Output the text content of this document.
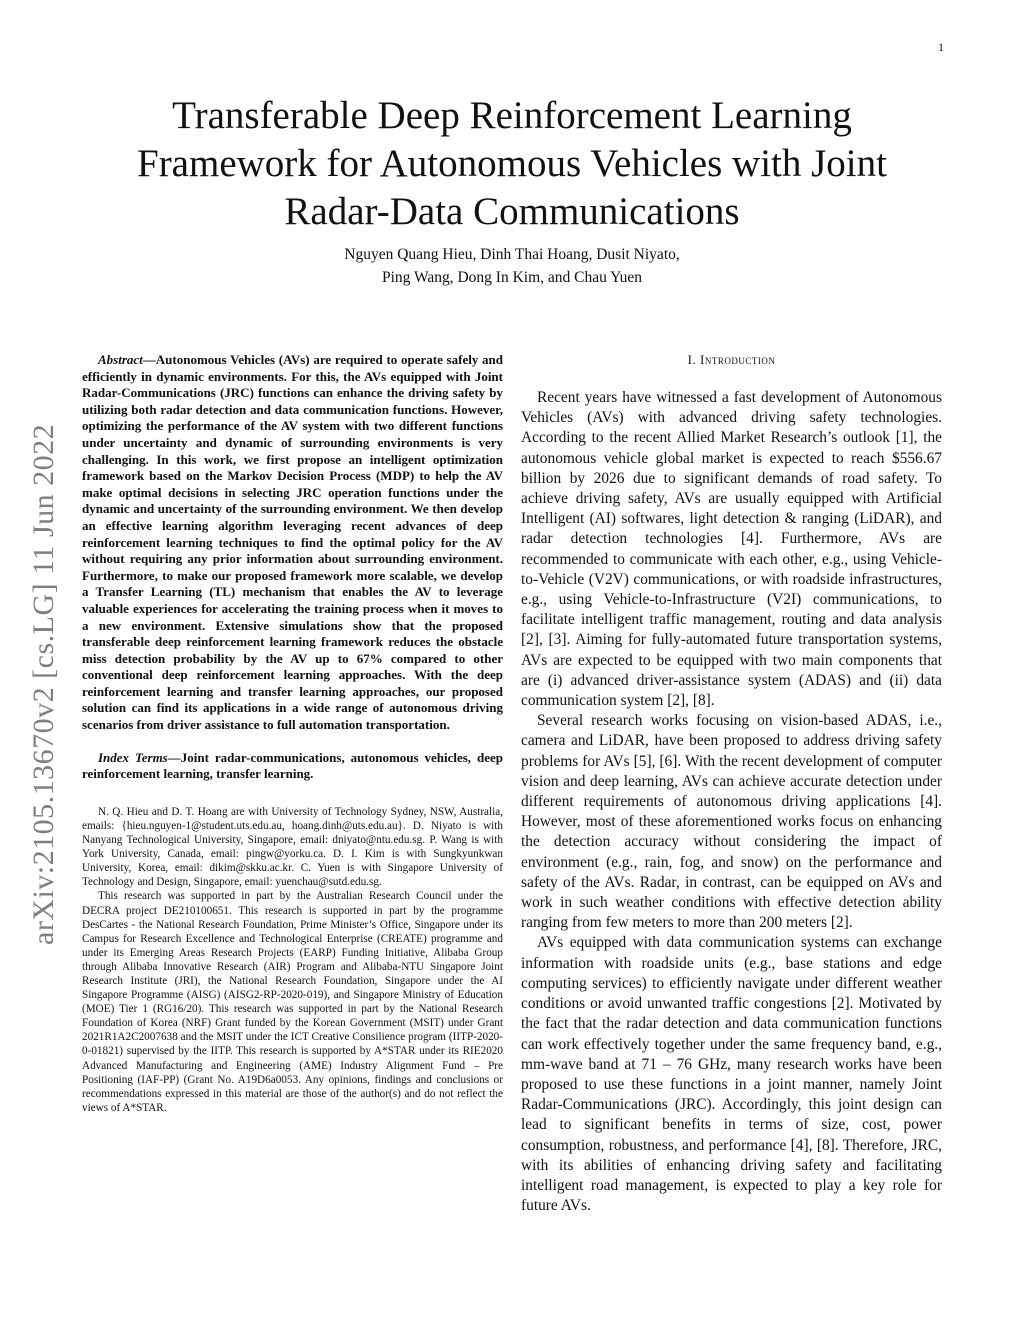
1
arXiv:2105.13670v2 [cs.LG] 11 Jun 2022
Transferable Deep Reinforcement Learning Framework for Autonomous Vehicles with Joint Radar-Data Communications
Nguyen Quang Hieu, Dinh Thai Hoang, Dusit Niyato,
Ping Wang, Dong In Kim, and Chau Yuen

Abstract—Autonomous Vehicles (AVs) are required to operate safely and efficiently in dynamic environments. For this, the AVs equipped with Joint Radar-Communications (JRC) functions can enhance the driving safety by utilizing both radar detection and data communication functions. However, optimizing the performance of the AV system with two different functions under uncertainty and dynamic of surrounding environments is very challenging. In this work, we first propose an intelligent optimization framework based on the Markov Decision Process (MDP) to help the AV make optimal decisions in selecting JRC operation functions under the dynamic and uncertainty of the surrounding environment. We then develop an effective learning algorithm leveraging recent advances of deep reinforcement learning techniques to find the optimal policy for the AV without requiring any prior information about surrounding environment. Furthermore, to make our proposed framework more scalable, we develop a Transfer Learning (TL) mechanism that enables the AV to leverage valuable experiences for accelerating the training process when it moves to a new environment. Extensive simulations show that the proposed transferable deep reinforcement learning framework reduces the obstacle miss detection probability by the AV up to 67% compared to other conventional deep reinforcement learning approaches. With the deep reinforcement learning and transfer learning approaches, our proposed solution can find its applications in a wide range of autonomous driving scenarios from driver assistance to full automation transportation.

Index Terms—Joint radar-communications, autonomous vehicles, deep reinforcement learning, transfer learning.

N. Q. Hieu and D. T. Hoang are with University of Technology Sydney, NSW, Australia, emails: {hieu.nguyen-1@student.uts.edu.au, hoang.dinh@uts.edu.au}. D. Niyato is with Nanyang Technological University, Singapore, email: dniyato@ntu.edu.sg. P. Wang is with York University, Canada, email: pingw@yorku.ca. D. I. Kim is with Sungkyunkwan University, Korea, email: dikim@skku.ac.kr. C. Yuen is with Singapore University of Technology and Design, Singapore, email: yuenchau@sutd.edu.sg.

This research was supported in part by the Australian Research Council under the DECRA project DE210100651. This research is supported in part by the programme DesCartes - the National Research Foundation, Prime Minister’s Office, Singapore under its Campus for Research Excellence and Technological Enterprise (CREATE) programme and under its Emerging Areas Research Projects (EARP) Funding Initiative, Alibaba Group through Alibaba Innovative Research (AIR) Program and Alibaba-NTU Singapore Joint Research Institute (JRI), the National Research Foundation, Singapore under the AI Singapore Programme (AISG) (AISG2-RP-2020-019), and Singapore Ministry of Education (MOE) Tier 1 (RG16/20). This research was supported in part by the National Research Foundation of Korea (NRF) Grant funded by the Korean Government (MSIT) under Grant 2021R1A2C2007638 and the MSIT under the ICT Creative Consilience program (IITP-2020-0-01821) supervised by the IITP. This research is supported by A*STAR under its RIE2020 Advanced Manufacturing and Engineering (AME) Industry Alignment Fund – Pre Positioning (IAF-PP) (Grant No. A19D6a0053. Any opinions, findings and conclusions or recommendations expressed in this material are those of the author(s) and do not reflect the views of A*STAR.

I. Introduction

Recent years have witnessed a fast development of Autonomous Vehicles (AVs) with advanced driving safety technologies. According to the recent Allied Market Research’s outlook [1], the autonomous vehicle global market is expected to reach $556.67 billion by 2026 due to significant demands of road safety. To achieve driving safety, AVs are usually equipped with Artificial Intelligent (AI) softwares, light detection & ranging (LiDAR), and radar detection technologies [4]. Furthermore, AVs are recommended to communicate with each other, e.g., using Vehicle-to-Vehicle (V2V) communications, or with roadside infrastructures, e.g., using Vehicle-to-Infrastructure (V2I) communications, to facilitate intelligent traffic management, routing and data analysis [2], [3]. Aiming for fully-automated future transportation systems, AVs are expected to be equipped with two main components that are (i) advanced driver-assistance system (ADAS) and (ii) data communication system [2], [8].

Several research works focusing on vision-based ADAS, i.e., camera and LiDAR, have been proposed to address driving safety problems for AVs [5], [6]. With the recent development of computer vision and deep learning, AVs can achieve accurate detection under different requirements of autonomous driving applications [4]. However, most of these aforementioned works focus on enhancing the detection accuracy without considering the impact of environment (e.g., rain, fog, and snow) on the performance and safety of the AVs. Radar, in contrast, can be equipped on AVs and work in such weather conditions with effective detection ability ranging from few meters to more than 200 meters [2].

AVs equipped with data communication systems can exchange information with roadside units (e.g., base stations and edge computing services) to efficiently navigate under different weather conditions or avoid unwanted traffic congestions [2]. Motivated by the fact that the radar detection and data communication functions can work effectively together under the same frequency band, e.g., mm-wave band at 71 – 76 GHz, many research works have been proposed to use these functions in a joint manner, namely Joint Radar-Communications (JRC). Accordingly, this joint design can lead to significant benefits in terms of size, cost, power consumption, robustness, and performance [4], [8]. Therefore, JRC, with its abilities of enhancing driving safety and facilitating intelligent road management, is expected to play a key role for future AVs.
